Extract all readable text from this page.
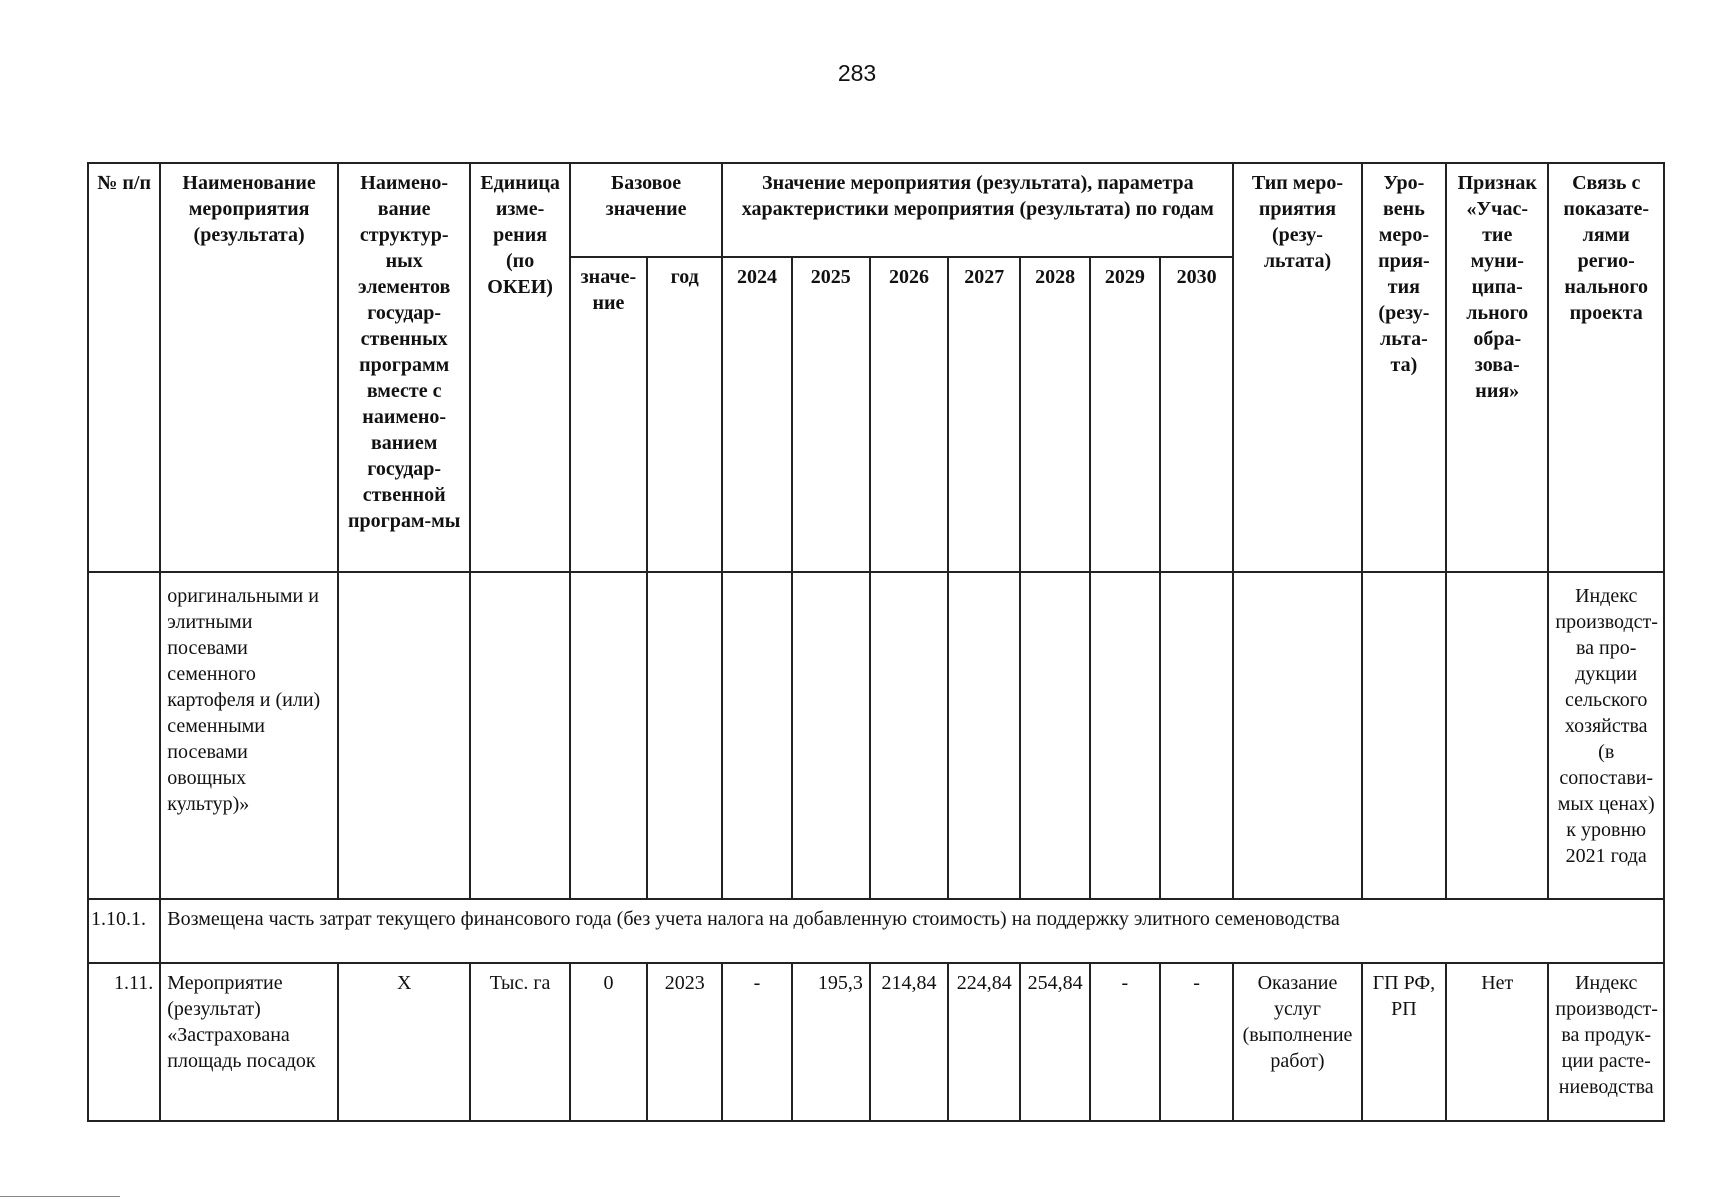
283
№ п/п	Наименование мероприятия (результата)	Наимено-вание структур-ных элементов государ-ственных программ вместе с наимено-ванием государ-ственной програм-мы	Единица изме-рения (по ОКЕИ)	Базовое значение		Значение мероприятия (результата), параметра характеристики мероприятия (результата) по годам							Тип меро-приятия (резу-льтата)	Уро-вень меро-прия-тия (резу-льта-та)	Признак «Учас-тие муни-ципа-льного обра-зова-ния»	Связь с показате-лями регио-нального проекта
				значе-ние	год	2024	2025	2026	2027	2028	2029	2030				
	оригинальными и элитными посевами семенного картофеля и (или) семенными посевами овощных культур)»															Индекс производст-ва про-дукции сельского хозяйства (в сопостави-мых ценах) к уровню 2021 года
1.10.1.	Возмещена часть затрат текущего финансового года (без учета налога на добавленную стоимость) на поддержку элитного семеноводства															
1.11.	Мероприятие (результат) «Застрахована площадь посадок	X	Тыс. га	0	2023	-	195,3	214,84	224,84	254,84	-	-	Оказание услуг (выполнение работ)	ГП РФ, РП	Нет	Индекс производст-ва продук-ции расте-ниеводства
